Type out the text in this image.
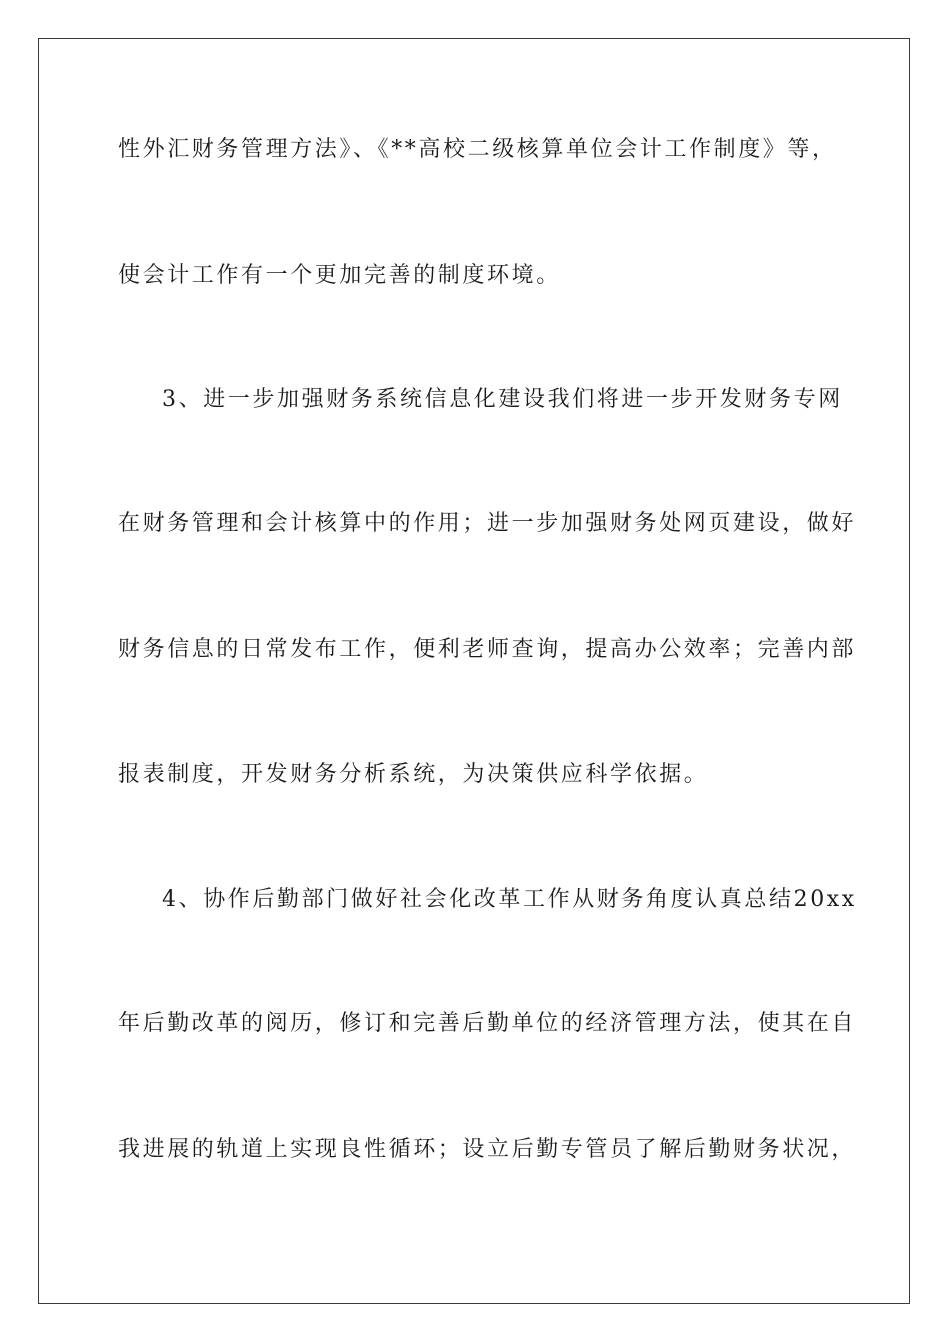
性外汇财务管理方法》、《**高校二级核算单位会计工作制度》等，
使会计工作有一个更加完善的制度环境。
3、进一步加强财务系统信息化建设我们将进一步开发财务专网
在财务管理和会计核算中的作用；进一步加强财务处网页建设，做好
财务信息的日常发布工作，便利老师查询，提高办公效率；完善内部
报表制度，开发财务分析系统，为决策供应科学依据。
4、协作后勤部门做好社会化改革工作从财务角度认真总结20xx
年后勤改革的阅历，修订和完善后勤单位的经济管理方法，使其在自
我进展的轨道上实现良性循环；设立后勤专管员了解后勤财务状况，
